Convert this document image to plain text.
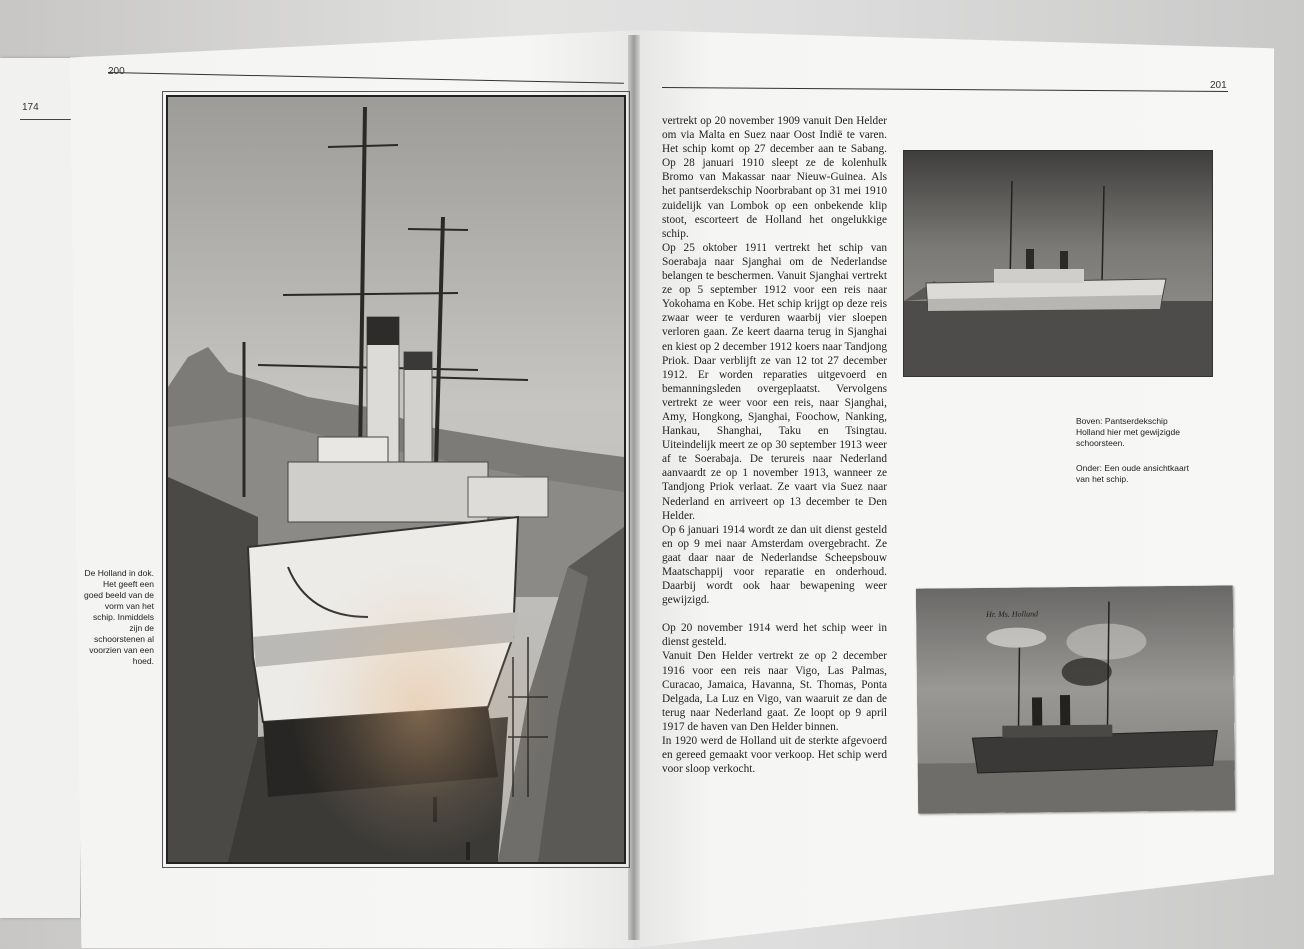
174
201
De Holland in dok. Het geeft een goed beeld van de vorm van het schip. Inmiddels zijn de schoorstenen al voorzien van een hoed.

vertrekt op 20 november 1909 vanuit Den Helder om via Malta en Suez naar Oost Indië te varen. Het schip komt op 27 december aan te Sabang. Op 28 januari 1910 sleept ze de kolenhulk Bromo van Makassar naar Nieuw-Guinea. Als het pantserdekschip Noorbrabant op 31 mei 1910 zuidelijk van Lombok op een onbekende klip stoot, escorteert de Holland het ongelukkige schip.

Op 25 oktober 1911 vertrekt het schip van Soerabaja naar Sjanghai om de Nederlandse belangen te beschermen. Vanuit Sjanghai vertrekt ze op 5 september 1912 voor een reis naar Yokohama en Kobe. Het schip krijgt op deze reis zwaar weer te verduren waarbij vier sloepen verloren gaan. Ze keert daarna terug in Sjanghai en kiest op 2 december 1912 koers naar Tandjong Priok. Daar verblijft ze van 12 tot 27 december 1912. Er worden reparaties uitgevoerd en bemanningsleden overgeplaatst. Vervolgens vertrekt ze weer voor een reis, naar Sjanghai, Amy, Hongkong, Sjanghai, Foochow, Nanking, Hankau, Shanghai, Taku en Tsingtau. Uiteindelijk meert ze op 30 september 1913 weer af te Soerabaja. De terureis naar Nederland aanvaardt ze op 1 november 1913, wanneer ze Tandjong Priok verlaat. Ze vaart via Suez naar Nederland en arriveert op 13 december te Den Helder.

Op 6 januari 1914 wordt ze dan uit dienst gesteld en op 9 mei naar Amsterdam overgebracht. Ze gaat daar naar de Nederlandse Scheepsbouw Maatschappij voor reparatie en onderhoud. Daarbij wordt ook haar bewapening weer gewijzigd.

Op 20 november 1914 werd het schip weer in dienst gesteld.

Vanuit Den Helder vertrekt ze op 2 december 1916 voor een reis naar Vigo, Las Palmas, Curacao, Jamaica, Havanna, St. Thomas, Ponta Delgada, La Luz en Vigo, van waaruit ze dan de terug naar Nederland gaat. Ze loopt op 9 april 1917 de haven van Den Helder binnen.

In 1920 werd de Holland uit de sterkte afgevoerd en gereed gemaakt voor verkoop. Het schip werd voor sloop verkocht.

Boven: Pantserdekschip Holland hier met gewijzigde schoorsteen.
Onder: Een oude ansichtkaart van het schip.
Hr. Ms. Holland
